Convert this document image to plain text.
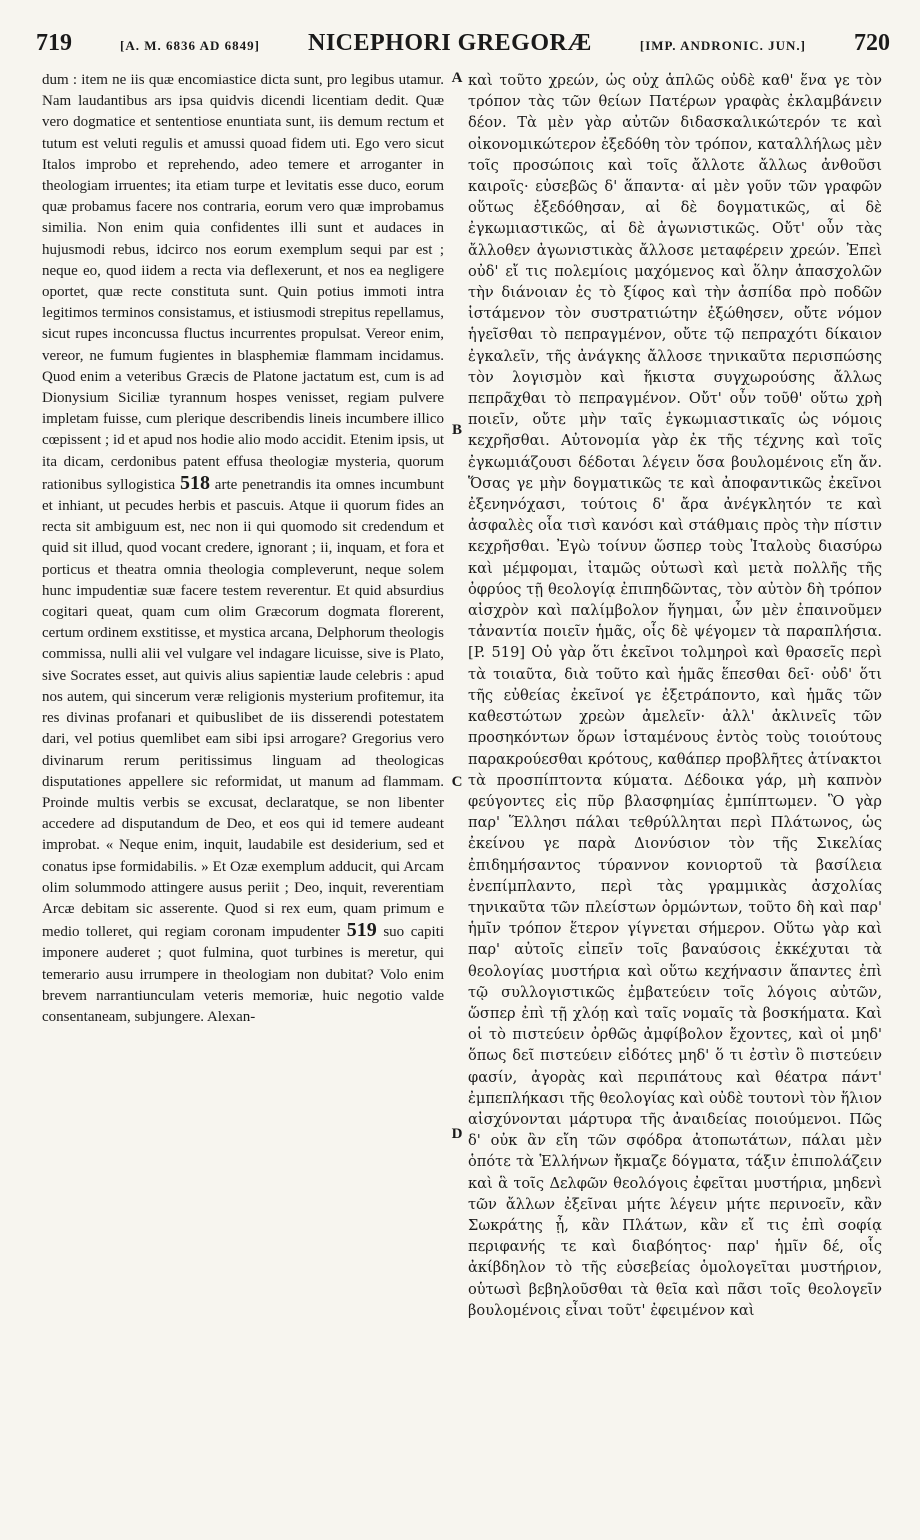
719	[A. M. 6836 AD 6849] NICEPHORI GREGORÆ	[IMP. ANDRONIC. JUN.] 720

dum : item ne iis quæ encomiastice dicta sunt, pro legibus utamur. Nam laudantibus ars ipsa quidvis dicendi licentiam dedit. Quæ vero dogmatice et sententiose enuntiata sunt, iis demum rectum et tutum est veluti regulis et amussi quoad fidem uti. Ego vero sicut Italos improbo et reprehendo, adeo temere et arroganter in theologiam irruentes; ita etiam turpe et levitatis esse duco, eorum quæ probamus facere nos contraria, eorum vero quæ improbamus similia. Non enim quia confidentes illi sunt et audaces in hujusmodi rebus, idcirco nos eorum exemplum sequi par est ; neque eo, quod iidem a recta via deflexerunt, et nos ea negligere oportet, quæ recte constituta sunt. Quin potius immoti intra legitimos terminos consistamus, et istiusmodi strepitus repellamus, sicut rupes inconcussa fluctus incurrentes propulsat. Vereor enim, vereor, ne fumum fugientes in blasphemiæ flammam incidamus. Quod enim a veteribus Græcis de Platone jactatum est, cum is ad Dionysium Siciliæ tyrannum hospes venisset, regiam pulvere impletam fuisse, cum plerique describendis lineis incumbere illico cœpissent ; id et apud nos hodie alio modo accidit. Etenim ipsis, ut ita dicam, cerdonibus patent effusa theologiæ mysteria, quorum rationibus syllogistica 518 arte penetrandis ita omnes incumbunt et inhiant, ut pecudes herbis et pascuis. Atque ii quorum fides an recta sit ambiguum est, nec non ii qui quomodo sit credendum et quid sit illud, quod vocant credere, ignorant ; ii, inquam, et fora et porticus et theatra omnia theologia compleverunt, neque solem hunc impudentiæ suæ facere testem reverentur. Et quid absurdius cogitari queat, quam cum olim Græcorum dogmata florerent, certum ordinem exstitisse, et mystica arcana, Delphorum theologis commissa, nulli alii vel vulgare vel indagare licuisse, sive is Plato, sive Socrates esset, aut quivis alius sapientiæ laude celebris : apud nos autem, qui sincerum veræ religionis mysterium profitemur, ita res divinas profanari et quibuslibet de iis disserendi potestatem dari, vel potius quemlibet eam sibi ipsi arrogare? Gregorius vero divinarum rerum peritissimus linguam ad theologicas disputationes appellere sic reformidat, ut manum ad flammam. Proinde multis verbis se excusat, declaratque, se non libenter accedere ad disputandum de Deo, et eos qui id temere audeant improbat. « Neque enim, inquit, laudabile est desiderium, sed et conatus ipse formidabilis. » Et Ozæ exemplum adducit, qui Arcam olim solummodo attingere ausus periit ; Deo, inquit, reverentiam Arcæ debitam sic asserente. Quod si rex eum, quam primum e medio tolleret, qui regiam coronam impudenter 519 suo capiti imponere auderet ; quot fulmina, quot turbines is meretur, qui temerario ausu irrumpere in theologiam non dubitat? Volo enim brevem narrantiunculam veteris memoriæ, huic negotio valde consentaneam, subjungere. Alexan-

A
B
C
D

καὶ τοῦτο χρεών, ὡς οὐχ ἁπλῶς οὐδὲ καθ' ἕνα γε τὸν τρόπον τὰς τῶν θείων Πατέρων γραφὰς ἐκλαμβάνειν δέον. Τὰ μὲν γὰρ αὐτῶν διδασκαλικώτερόν τε καὶ οἰκονομικώτερον ἐξεδόθη τὸν τρόπον, καταλλήλως μὲν τοῖς προσώποις καὶ τοῖς ἄλλοτε ἄλλως ἀνθοῦσι καιροῖς· εὐσεβῶς δ' ἅπαντα· αἱ μὲν γοῦν τῶν γραφῶν οὕτως ἐξεδόθησαν, αἱ δὲ δογματικῶς, αἱ δὲ ἐγκωμιαστικῶς, αἱ δὲ ἀγωνιστικῶς. Οὔτ' οὖν τὰς ἄλλοθεν ἀγωνιστικὰς ἄλλοσε μεταφέρειν χρεών. Ἐπεὶ οὐδ' εἴ τις πολεμίοις μαχόμενος καὶ ὅλην ἀπασχολῶν τὴν διάνοιαν ἐς τὸ ξίφος καὶ τὴν ἀσπίδα πρὸ ποδῶν ἱστάμενον τὸν συστρατιώτην ἐξώθησεν, οὔτε νόμον ἡγεῖσθαι τὸ πεπραγμένον, οὔτε τῷ πεπραχότι δίκαιον ἐγκαλεῖν, τῆς ἀνάγκης ἄλλοσε τηνικαῦτα περισπώσης τὸν λογισμὸν καὶ ἥκιστα συγχωρούσης ἄλλως πεπρᾶχθαι τὸ πεπραγμένον. Οὔτ' οὖν τοῦθ' οὕτω χρὴ ποιεῖν, οὔτε μὴν ταῖς ἐγκωμιαστικαῖς ὡς νόμοις κεχρῆσθαι. Αὐτονομία γὰρ ἐκ τῆς τέχνης καὶ τοῖς ἐγκωμιάζουσι δέδοται λέγειν ὅσα βουλομένοις εἴη ἄν. Ὅσας γε μὴν δογματικῶς τε καὶ ἀποφαντικῶς ἐκεῖνοι ἐξενηνόχασι, τούτοις δ' ἄρα ἀνέγκλητόν τε καὶ ἀσφαλὲς οἷα τισὶ κανόσι καὶ στάθμαις πρὸς τὴν πίστιν κεχρῆσθαι. Ἐγὼ τοίνυν ὥσπερ τοὺς Ἰταλοὺς διασύρω καὶ μέμφομαι, ἰταμῶς οὑτωσὶ καὶ μετὰ πολλῆς τῆς ὀφρύος τῇ θεολογίᾳ ἐπιπηδῶντας, τὸν αὐτὸν δὴ τρόπον αἰσχρὸν καὶ παλίμβολον ἥγημαι, ὧν μὲν ἐπαινοῦμεν τἀναντία ποιεῖν ἡμᾶς, οἷς δὲ ψέγομεν τὰ παραπλήσια. [P. 519] Οὐ γὰρ ὅτι ἐκεῖνοι τολμηροὶ καὶ θρασεῖς περὶ τὰ τοιαῦτα, διὰ τοῦτο καὶ ἡμᾶς ἕπεσθαι δεῖ· οὐδ' ὅτι τῆς εὐθείας ἐκεῖνοί γε ἐξετράποντο, καὶ ἡμᾶς τῶν καθεστώτων χρεὼν ἀμελεῖν· ἀλλ' ἀκλινεῖς τῶν προσηκόντων ὅρων ἱσταμένους ἐντὸς τοὺς τοιούτους παρακρούεσθαι κρότους, καθάπερ προβλῆτες ἀτίνακτοι τὰ προσπίπτοντα κύματα. Δέδοικα γάρ, μὴ καπνὸν φεύγοντες εἰς πῦρ βλασφημίας ἐμπίπτωμεν. Ὃ γὰρ παρ' Ἕλλησι πάλαι τεθρύλληται περὶ Πλάτωνος, ὡς ἐκείνου γε παρὰ Διονύσιον τὸν τῆς Σικελίας ἐπιδημήσαντος τύραννον κονιορτοῦ τὰ βασίλεια ἐνεπίμπλαντο, περὶ τὰς γραμμικὰς ἀσχολίας τηνικαῦτα τῶν πλείστων ὁρμώντων, τοῦτο δὴ καὶ παρ' ἡμῖν τρόπον ἕτερον γίγνεται σήμερον. Οὕτω γὰρ καὶ παρ' αὐτοῖς εἰπεῖν τοῖς βαναύσοις ἐκκέχυται τὰ θεολογίας μυστήρια καὶ οὕτω κεχήνασιν ἅπαντες ἐπὶ τῷ συλλογιστικῶς ἐμβατεύειν τοῖς λόγοις αὐτῶν, ὥσπερ ἐπὶ τῇ χλόῃ καὶ ταῖς νομαῖς τὰ βοσκήματα. Καὶ οἱ τὸ πιστεύειν ὀρθῶς ἀμφίβολον ἔχοντες, καὶ οἱ μηδ' ὅπως δεῖ πιστεύειν εἰδότες μηδ' ὅ τι ἐστὶν ὃ πιστεύειν φασίν, ἀγορὰς καὶ περιπάτους καὶ θέατρα πάντ' ἐμπεπλήκασι τῆς θεολογίας καὶ οὐδὲ τουτονὶ τὸν ἥλιον αἰσχύνονται μάρτυρα τῆς ἀναιδείας ποιούμενοι. Πῶς δ' οὐκ ἂν εἴη τῶν σφόδρα ἀτοπωτάτων, πάλαι μὲν ὁπότε τὰ Ἑλλήνων ἤκμαζε δόγματα, τάξιν ἐπιπολάζειν καὶ ἃ τοῖς Δελφῶν θεολόγοις ἐφεῖται μυστήρια, μηδενὶ τῶν ἄλλων ἐξεῖναι μήτε λέγειν μήτε περινοεῖν, κἂν Σωκράτης ᾖ, κἂν Πλάτων, κἂν εἴ τις ἐπὶ σοφίᾳ περιφανής τε καὶ διαβόητος· παρ' ἡμῖν δέ, οἷς ἀκίβδηλον τὸ τῆς εὐσεβείας ὁμολογεῖται μυστήριον, οὑτωσὶ βεβηλοῦσθαι τὰ θεῖα καὶ πᾶσι τοῖς θεολογεῖν βουλομένοις εἶναι τοῦτ' ἐφειμένον καὶ
